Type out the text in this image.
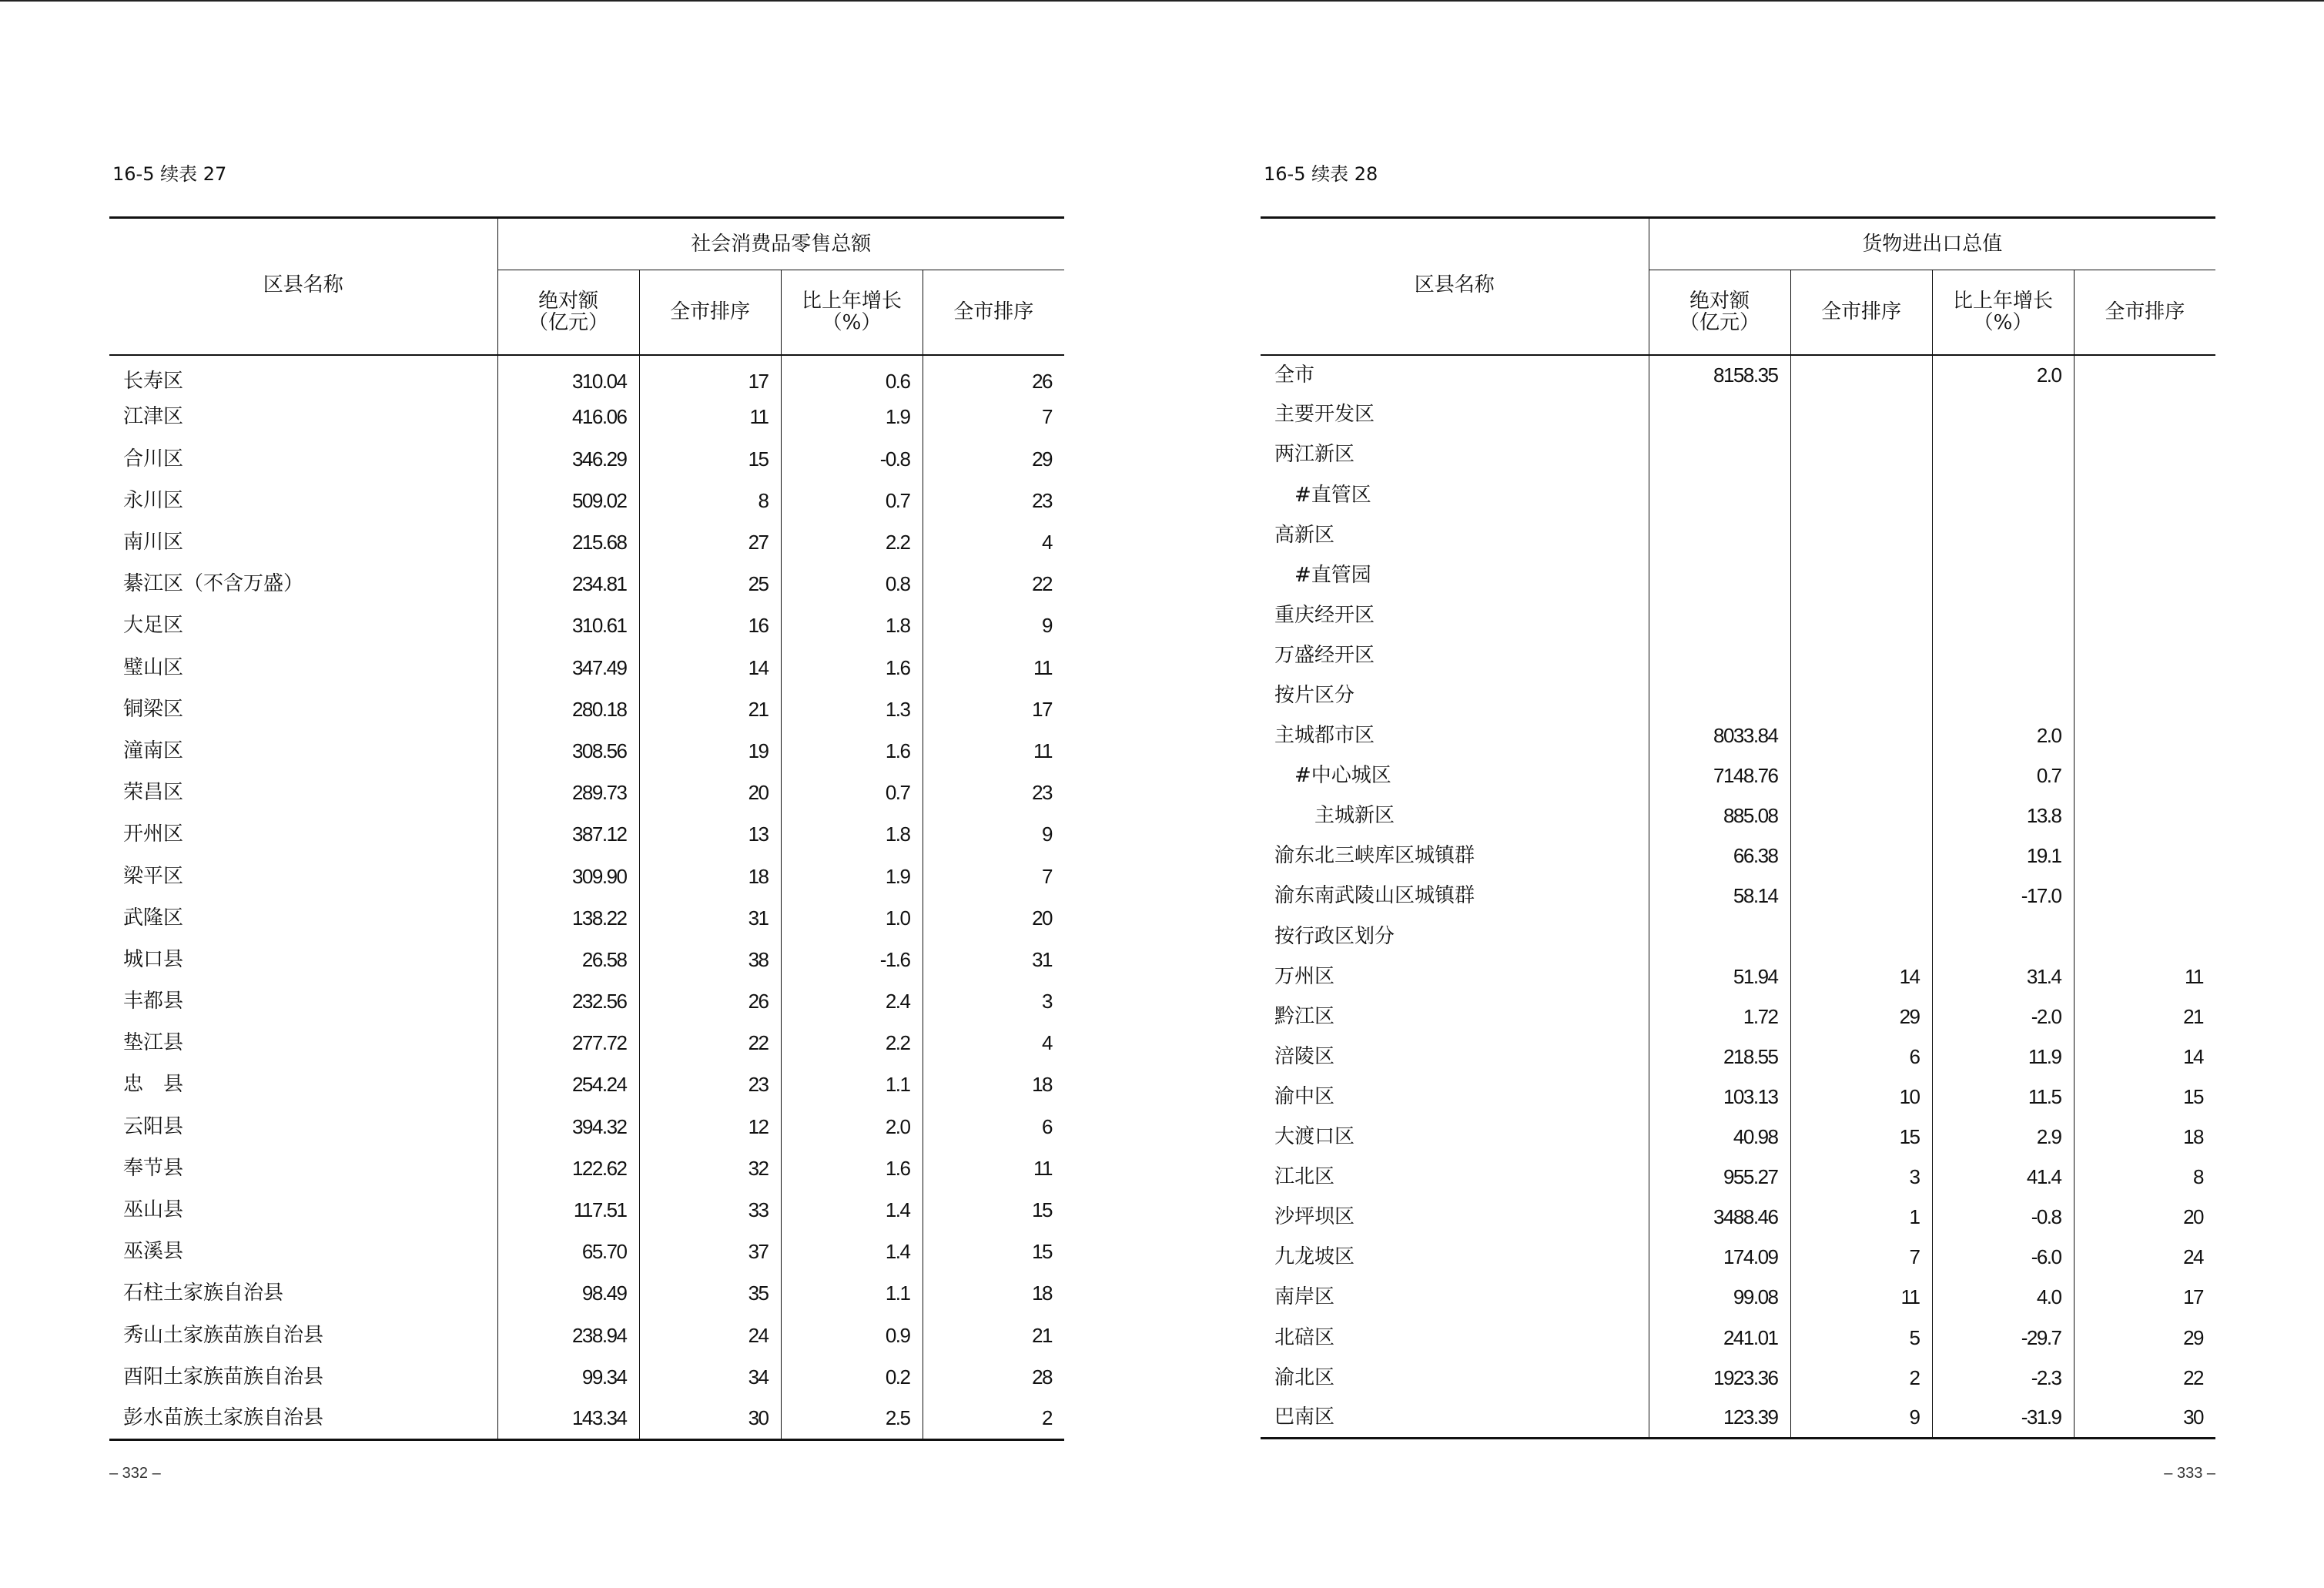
16-5 续表 27
区县名称	社会消费品零售总额			
	绝对额
（亿元）	全市排序	比上年增长
（%）	全市排序
长寿区	310.04	17	0.6	26
江津区	416.06	11	1.9	7
合川区	346.29	15	-0.8	29
永川区	509.02	8	0.7	23
南川区	215.68	27	2.2	4
綦江区（不含万盛）	234.81	25	0.8	22
大足区	310.61	16	1.8	9
璧山区	347.49	14	1.6	11
铜梁区	280.18	21	1.3	17
潼南区	308.56	19	1.6	11
荣昌区	289.73	20	0.7	23
开州区	387.12	13	1.8	9
梁平区	309.90	18	1.9	7
武隆区	138.22	31	1.0	20
城口县	26.58	38	-1.6	31
丰都县	232.56	26	2.4	3
垫江县	277.72	22	2.2	4
忠　县	254.24	23	1.1	18
云阳县	394.32	12	2.0	6
奉节县	122.62	32	1.6	11
巫山县	117.51	33	1.4	15
巫溪县	65.70	37	1.4	15
石柱土家族自治县	98.49	35	1.1	18
秀山土家族苗族自治县	238.94	24	0.9	21
酉阳土家族苗族自治县	99.34	34	0.2	28
彭水苗族土家族自治县	143.34	30	2.5	2
– 332 –
16-5 续表 28
区县名称	货物进出口总值			
	绝对额
（亿元）	全市排序	比上年增长
（%）	全市排序
全市	8158.35		2.0	
主要开发区				
两江新区				
　#直管区				
高新区				
　#直管园				
重庆经开区				
万盛经开区				
按片区分				
主城都市区	8033.84		2.0	
　#中心城区	7148.76		0.7	
　　主城新区	885.08		13.8	
渝东北三峡库区城镇群	66.38		19.1	
渝东南武陵山区城镇群	58.14		-17.0	
按行政区划分				
万州区	51.94	14	31.4	11
黔江区	1.72	29	-2.0	21
涪陵区	218.55	6	11.9	14
渝中区	103.13	10	11.5	15
大渡口区	40.98	15	2.9	18
江北区	955.27	3	41.4	8
沙坪坝区	3488.46	1	-0.8	20
九龙坡区	174.09	7	-6.0	24
南岸区	99.08	11	4.0	17
北碚区	241.01	5	-29.7	29
渝北区	1923.36	2	-2.3	22
巴南区	123.39	9	-31.9	30
– 333 –
